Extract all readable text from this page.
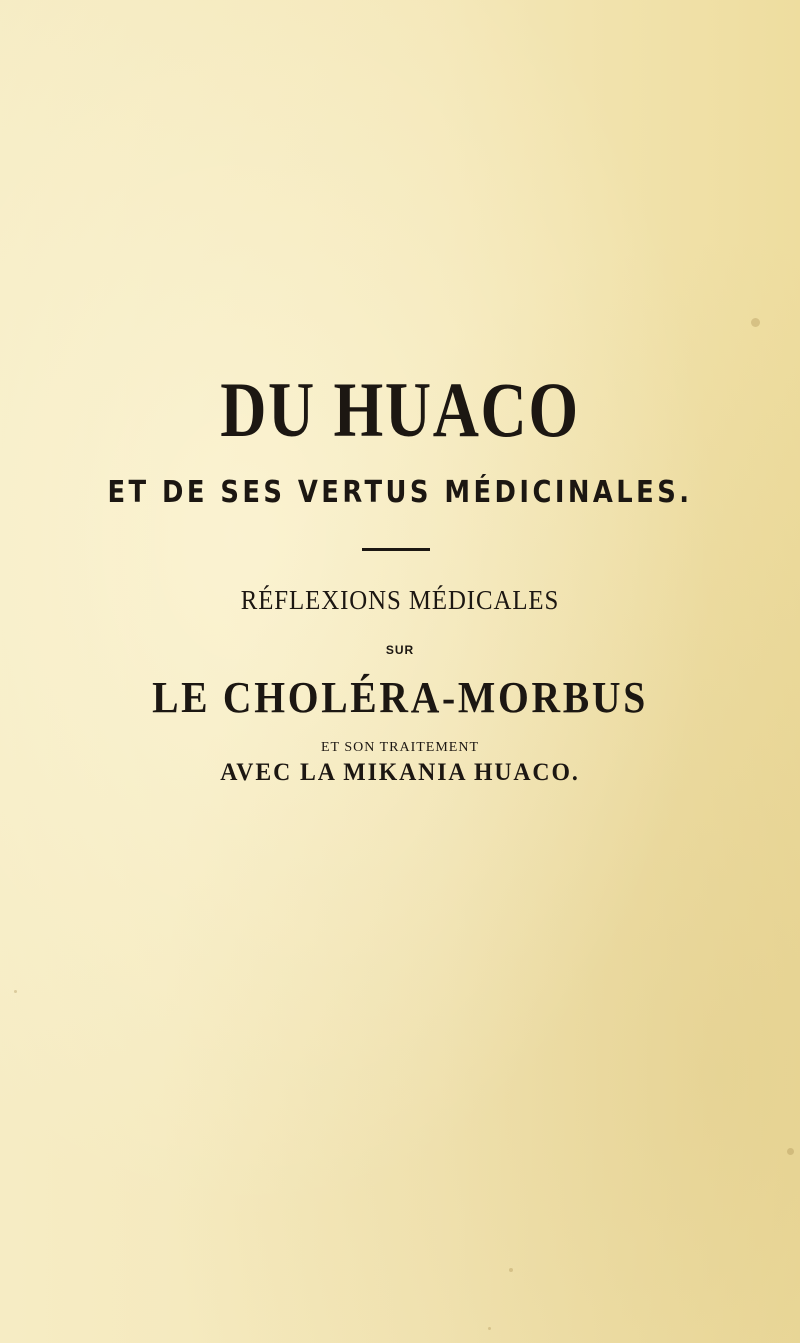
DU HUACO
ET DE SES VERTUS MÉDICINALES.
RÉFLEXIONS MÉDICALES
SUR
LE CHOLÉRA-MORBUS
ET SON TRAITEMENT
AVEC LA MIKANIA HUACO.
